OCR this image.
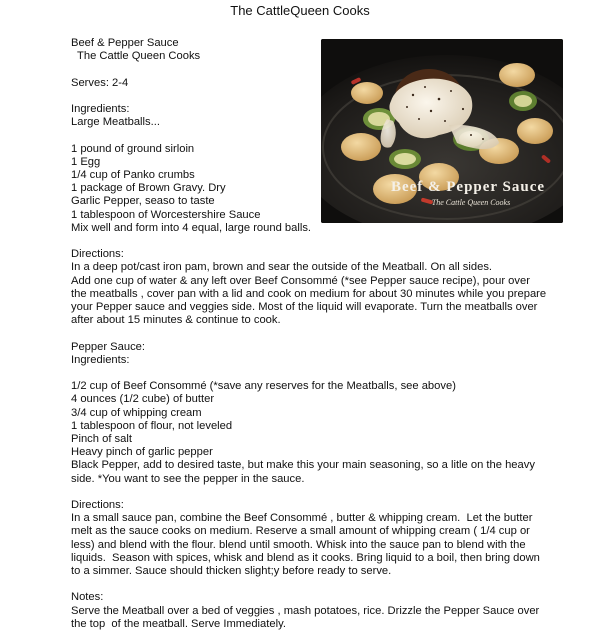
The CattleQueen Cooks
Beef & Pepper Sauce
The Cattle Queen Cooks
Beef & Pepper Sauce
The Cattle Queen Cooks
Serves: 2-4
Ingredients:
Large Meatballs...
1 pound of ground sirloin
1 Egg
1/4 cup of Panko crumbs
1 package of Brown Gravy. Dry
Garlic Pepper, seaso to taste
1 tablespoon of Worcestershire Sauce
Mix well and form into 4 equal, large round balls.
Directions:
In a deep pot/cast iron pam, brown and sear the outside of the Meatball. On all sides.
Add one cup of water & any left over Beef Consommé (*see Pepper sauce recipe), pour over
the meatballs , cover pan with a lid and cook on medium for about 30 minutes while you prepare
your Pepper sauce and veggies side. Most of the liquid will evaporate. Turn the meatballs over
after about 15 minutes & continue to cook.
Pepper Sauce:
Ingredients:
1/2 cup of Beef Consommé (*save any reserves for the Meatballs, see above)
4 ounces (1/2 cube) of butter
3/4 cup of whipping cream
1 tablespoon of flour, not leveled
Pinch of salt
Heavy pinch of garlic pepper
Black Pepper, add to desired taste, but make this your main seasoning, so a litle on the heavy
side. *You want to see the pepper in the sauce.
Directions:
In a small sauce pan, combine the Beef Consommé , butter & whipping cream.  Let the butter
melt as the sauce cooks on medium. Reserve a small amount of whipping cream ( 1/4 cup or
less) and blend with the flour. blend until smooth. Whisk into the sauce pan to blend with the
liquids.  Season with spices, whisk and blend as it cooks. Bring liquid to a boil, then bring down
to a simmer. Sauce should thicken slight;y before ready to serve.
Notes:
Serve the Meatball over a bed of veggies , mash potatoes, rice. Drizzle the Pepper Sauce over
the top  of the meatball. Serve Immediately.
